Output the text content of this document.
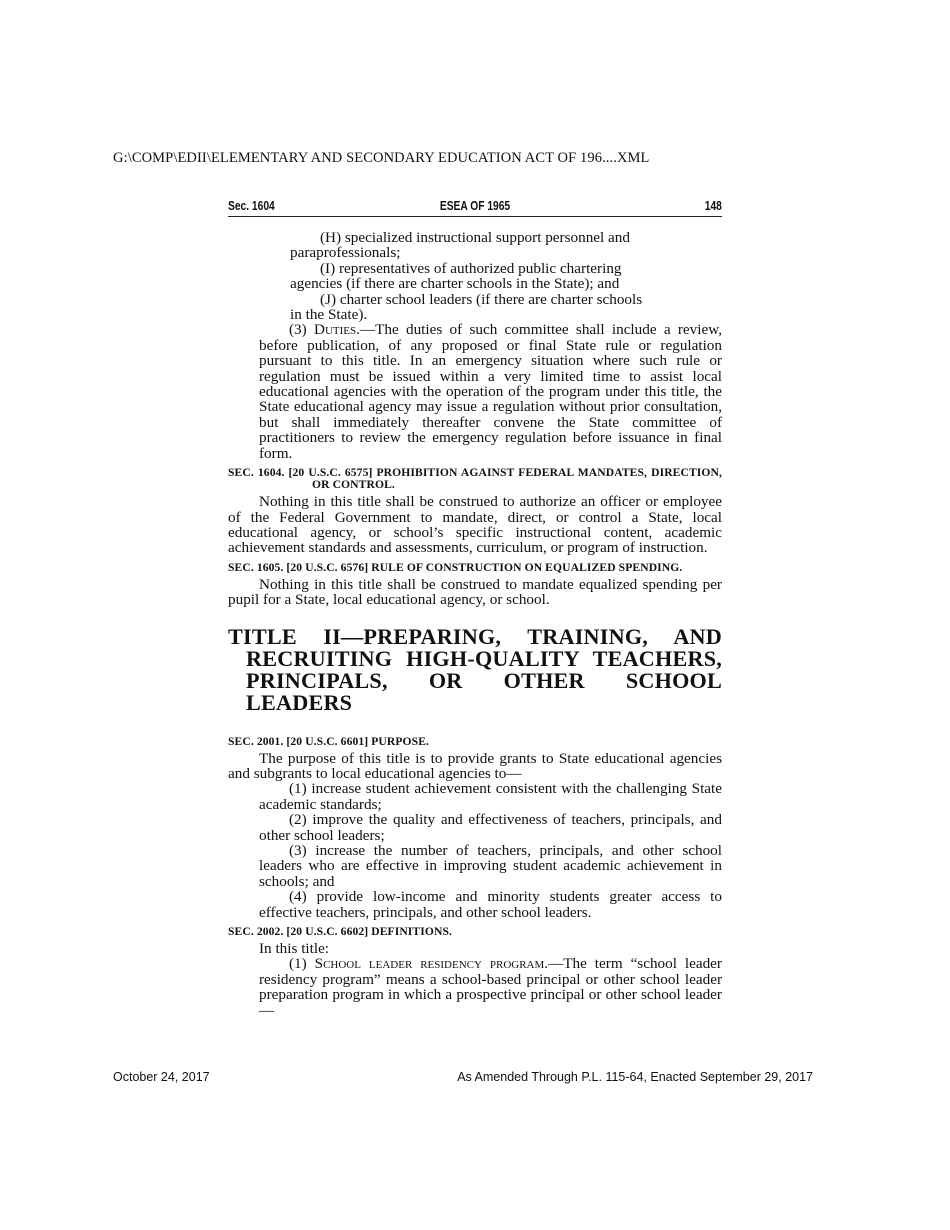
G:\COMP\EDII\ELEMENTARY AND SECONDARY EDUCATION ACT OF 196....XML
Sec. 1604	ESEA OF 1965	148

(H) specialized instructional support personnel and

paraprofessionals;

(I) representatives of authorized public chartering

agencies (if there are charter schools in the State); and

(J) charter school leaders (if there are charter schools

in the State).

(3) Duties.—The duties of such committee shall include a review, before publication, of any proposed or final State rule or regulation pursuant to this title. In an emergency situation where such rule or regulation must be issued within a very limited time to assist local educational agencies with the operation of the program under this title, the State educational agency may issue a regulation without prior consultation, but shall immediately thereafter convene the State committee of practitioners to review the emergency regulation before issuance in final form.

SEC. 1604. [20 U.S.C. 6575] PROHIBITION AGAINST FEDERAL MANDATES, DIRECTION, OR CONTROL.

Nothing in this title shall be construed to authorize an officer or employee of the Federal Government to mandate, direct, or control a State, local educational agency, or school’s specific instructional content, academic achievement standards and assessments, curriculum, or program of instruction.

SEC. 1605. [20 U.S.C. 6576] RULE OF CONSTRUCTION ON EQUALIZED SPENDING.

Nothing in this title shall be construed to mandate equalized spending per pupil for a State, local educational agency, or school.

TITLE II—PREPARING, TRAINING, AND RECRUITING HIGH-QUALITY TEACHERS, PRINCIPALS, OR OTHER SCHOOL LEADERS

SEC. 2001. [20 U.S.C. 6601] PURPOSE.

The purpose of this title is to provide grants to State educational agencies and subgrants to local educational agencies to—

(1) increase student achievement consistent with the challenging State academic standards;

(2) improve the quality and effectiveness of teachers, principals, and other school leaders;

(3) increase the number of teachers, principals, and other school leaders who are effective in improving student academic achievement in schools; and

(4) provide low-income and minority students greater access to effective teachers, principals, and other school leaders.

SEC. 2002. [20 U.S.C. 6602] DEFINITIONS.

In this title:

(1) School leader residency program.—The term “school leader residency program” means a school-based principal or other school leader preparation program in which a prospective principal or other school leader—

October 24, 2017	As Amended Through P.L. 115-64, Enacted September 29, 2017
